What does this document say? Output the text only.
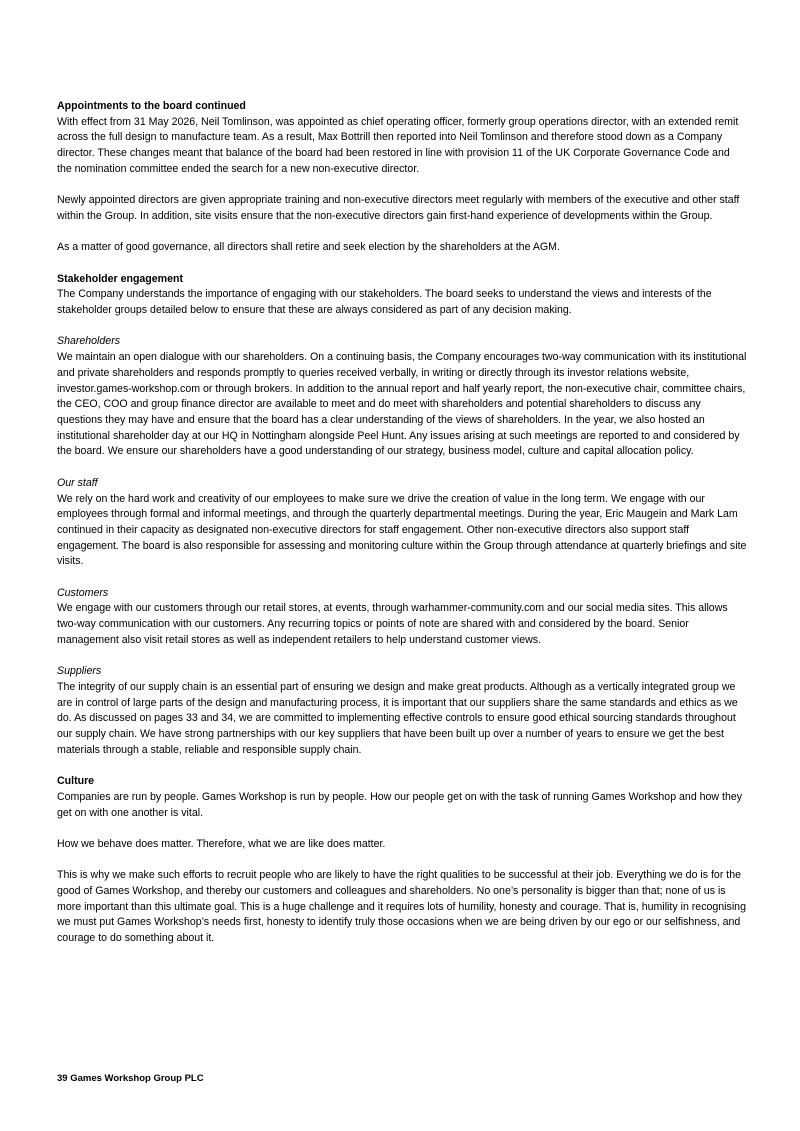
Appointments to the board continued

With effect from 31 May 2026, Neil Tomlinson, was appointed as chief operating officer, formerly group operations director, with an extended remit across the full design to manufacture team. As a result, Max Bottrill then reported into Neil Tomlinson and therefore stood down as a Company director. These changes meant that balance of the board had been restored in line with provision 11 of the UK Corporate Governance Code and the nomination committee ended the search for a new non-executive director.

Newly appointed directors are given appropriate training and non-executive directors meet regularly with members of the executive and other staff within the Group. In addition, site visits ensure that the non-executive directors gain first-hand experience of developments within the Group.

As a matter of good governance, all directors shall retire and seek election by the shareholders at the AGM.

Stakeholder engagement

The Company understands the importance of engaging with our stakeholders. The board seeks to understand the views and interests of the stakeholder groups detailed below to ensure that these are always considered as part of any decision making.

Shareholders

We maintain an open dialogue with our shareholders. On a continuing basis, the Company encourages two-way communication with its institutional and private shareholders and responds promptly to queries received verbally, in writing or directly through its investor relations website, investor.games-workshop.com or through brokers. In addition to the annual report and half yearly report, the non-executive chair, committee chairs, the CEO, COO and group finance director are available to meet and do meet with shareholders and potential shareholders to discuss any questions they may have and ensure that the board has a clear understanding of the views of shareholders. In the year, we also hosted an institutional shareholder day at our HQ in Nottingham alongside Peel Hunt. Any issues arising at such meetings are reported to and considered by the board. We ensure our shareholders have a good understanding of our strategy, business model, culture and capital allocation policy.

Our staff

We rely on the hard work and creativity of our employees to make sure we drive the creation of value in the long term. We engage with our employees through formal and informal meetings, and through the quarterly departmental meetings. During the year, Eric Maugein and Mark Lam continued in their capacity as designated non-executive directors for staff engagement. Other non-executive directors also support staff engagement. The board is also responsible for assessing and monitoring culture within the Group through attendance at quarterly briefings and site visits.

Customers

We engage with our customers through our retail stores, at events, through warhammer-community.com and our social media sites. This allows two-way communication with our customers. Any recurring topics or points of note are shared with and considered by the board. Senior management also visit retail stores as well as independent retailers to help understand customer views.

Suppliers

The integrity of our supply chain is an essential part of ensuring we design and make great products. Although as a vertically integrated group we are in control of large parts of the design and manufacturing process, it is important that our suppliers share the same standards and ethics as we do. As discussed on pages 33 and 34, we are committed to implementing effective controls to ensure good ethical sourcing standards throughout our supply chain. We have strong partnerships with our key suppliers that have been built up over a number of years to ensure we get the best materials through a stable, reliable and responsible supply chain.

Culture

Companies are run by people. Games Workshop is run by people. How our people get on with the task of running Games Workshop and how they get on with one another is vital.

How we behave does matter. Therefore, what we are like does matter.

This is why we make such efforts to recruit people who are likely to have the right qualities to be successful at their job. Everything we do is for the good of Games Workshop, and thereby our customers and colleagues and shareholders. No one’s personality is bigger than that; none of us is more important than this ultimate goal. This is a huge challenge and it requires lots of humility, honesty and courage. That is, humility in recognising we must put Games Workshop’s needs first, honesty to identify truly those occasions when we are being driven by our ego or our selfishness, and courage to do something about it.

39 Games Workshop Group PLC
